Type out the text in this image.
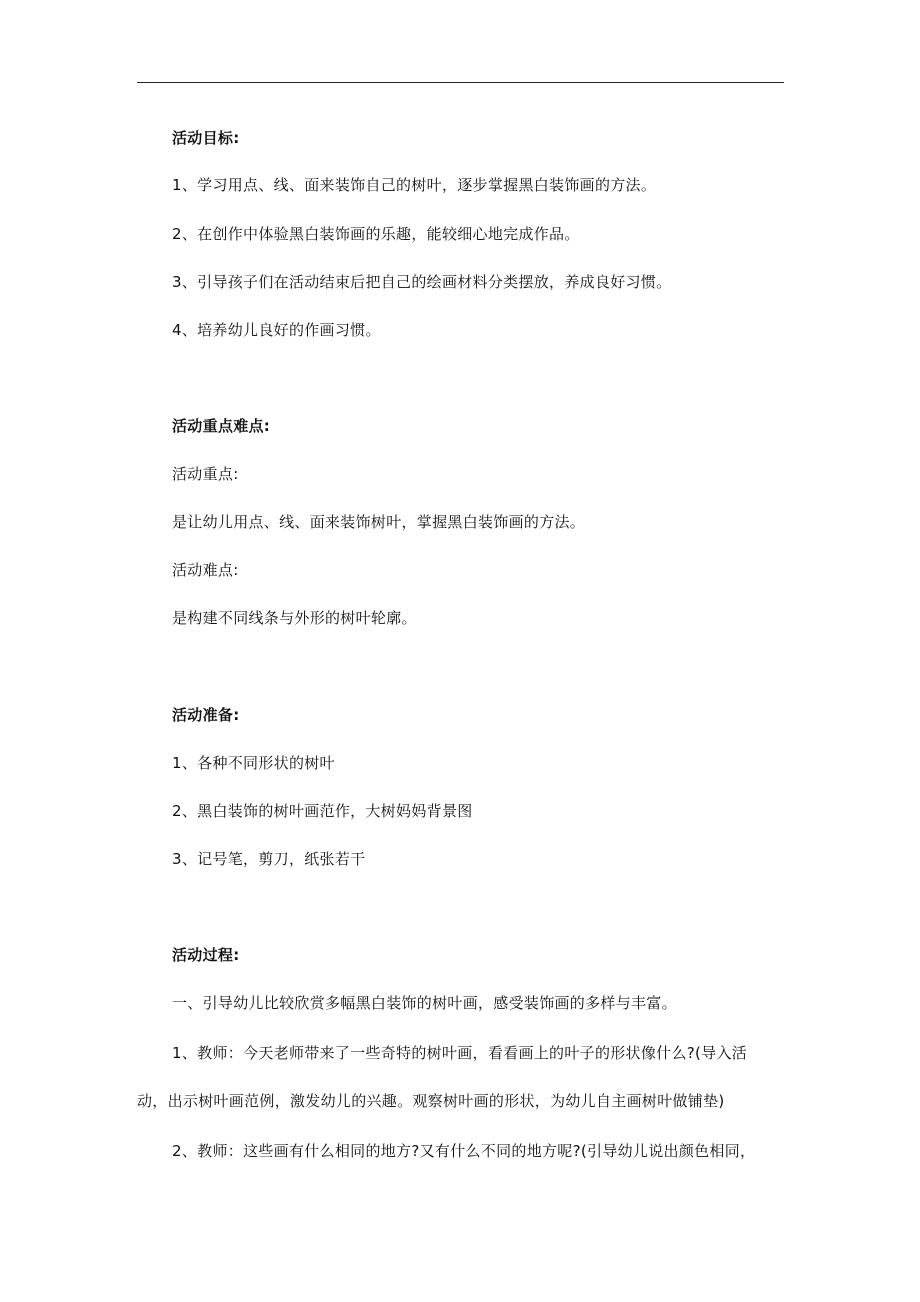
活动目标:
1、学习用点、线、面来装饰自己的树叶，逐步掌握黑白装饰画的方法。
2、在创作中体验黑白装饰画的乐趣，能较细心地完成作品。
3、引导孩子们在活动结束后把自己的绘画材料分类摆放，养成良好习惯。
4、培养幼儿良好的作画习惯。
活动重点难点:
活动重点:
是让幼儿用点、线、面来装饰树叶，掌握黑白装饰画的方法。
活动难点:
是构建不同线条与外形的树叶轮廓。
活动准备:
1、各种不同形状的树叶
2、黑白装饰的树叶画范作，大树妈妈背景图
3、记号笔，剪刀，纸张若干
活动过程:
一、引导幼儿比较欣赏多幅黑白装饰的树叶画，感受装饰画的多样与丰富。
1、教师：今天老师带来了一些奇特的树叶画，看看画上的叶子的形状像什么?(导入活
动，出示树叶画范例，激发幼儿的兴趣。观察树叶画的形状，为幼儿自主画树叶做铺垫)
2、教师：这些画有什么相同的地方?又有什么不同的地方呢?(引导幼儿说出颜色相同，
